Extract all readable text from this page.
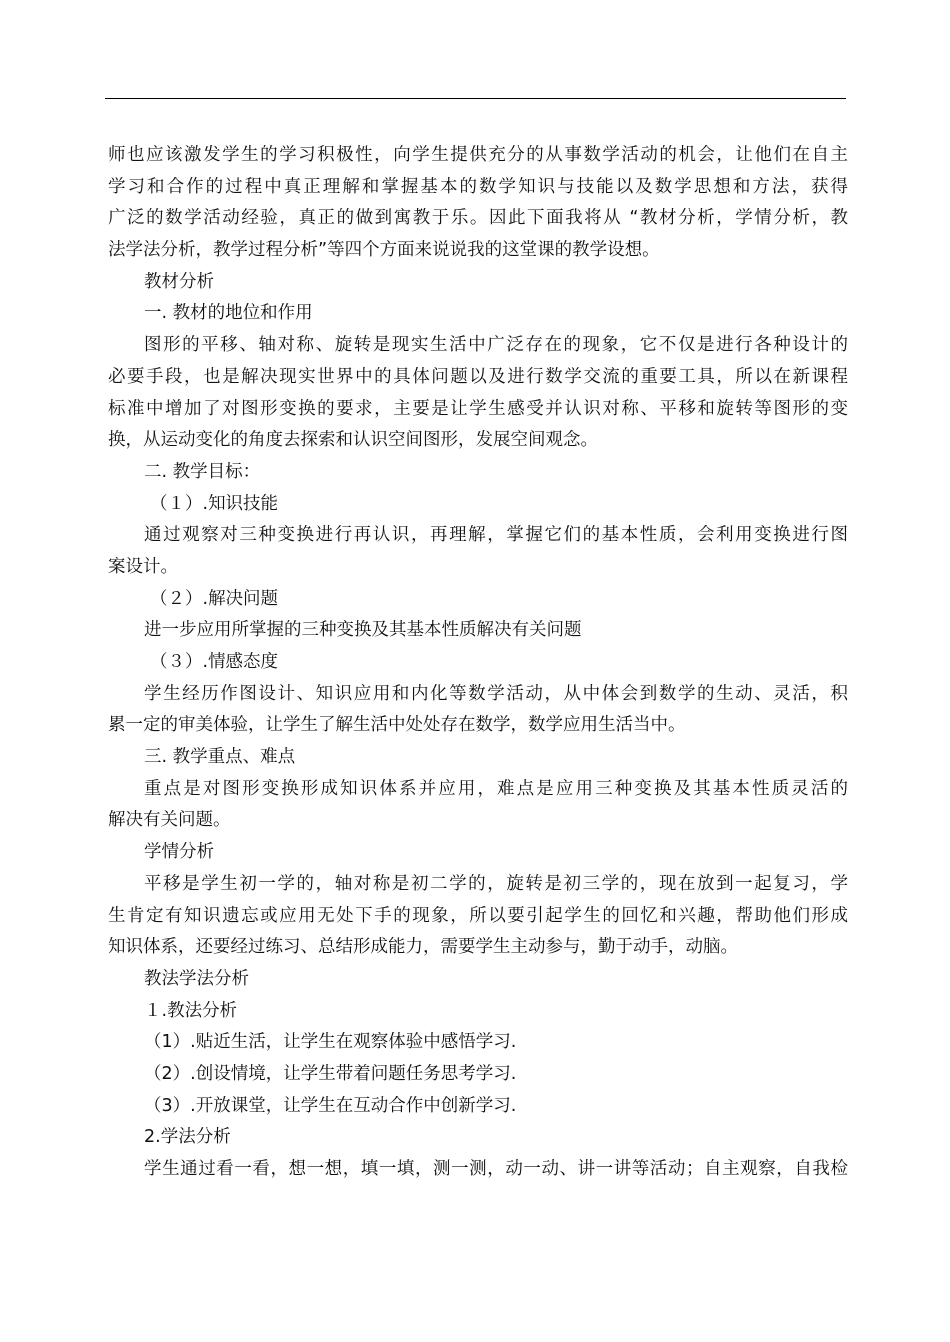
师也应该激发学生的学习积极性，向学生提供充分的从事数学活动的机会，让他们在自主
学习和合作的过程中真正理解和掌握基本的数学知识与技能以及数学思想和方法，获得
广泛的数学活动经验，真正的做到寓教于乐。因此下面我将从 “教材分析，学情分析，教
法学法分析，教学过程分析”等四个方面来说说我的这堂课的教学设想。
教材分析
一. 教材的地位和作用
图形的平移、轴对称、旋转是现实生活中广泛存在的现象，它不仅是进行各种设计的
必要手段，也是解决现实世界中的具体问题以及进行数学交流的重要工具，所以在新课程
标准中增加了对图形变换的要求，主要是让学生感受并认识对称、平移和旋转等图形的变
换，从运动变化的角度去探索和认识空间图形，发展空间观念。
二. 教学目标：
（１）.知识技能
通过观察对三种变换进行再认识，再理解，掌握它们的基本性质，会利用变换进行图
案设计。
（２）.解决问题
进一步应用所掌握的三种变换及其基本性质解决有关问题
（３）.情感态度
学生经历作图设计、知识应用和内化等数学活动，从中体会到数学的生动、灵活，积
累一定的审美体验，让学生了解生活中处处存在数学，数学应用生活当中。
三. 教学重点、难点
重点是对图形变换形成知识体系并应用，难点是应用三种变换及其基本性质灵活的
解决有关问题。
学情分析
平移是学生初一学的，轴对称是初二学的，旋转是初三学的，现在放到一起复习，学
生肯定有知识遗忘或应用无处下手的现象，所以要引起学生的回忆和兴趣，帮助他们形成
知识体系，还要经过练习、总结形成能力，需要学生主动参与，勤于动手，动脑。
教法学法分析
１.教法分析
（1）.贴近生活，让学生在观察体验中感悟学习.
（2）.创设情境，让学生带着问题任务思考学习.
（3）.开放课堂，让学生在互动合作中创新学习.
2.学法分析
学生通过看一看，想一想，填一填，测一测，动一动、讲一讲等活动；自主观察，自我检
